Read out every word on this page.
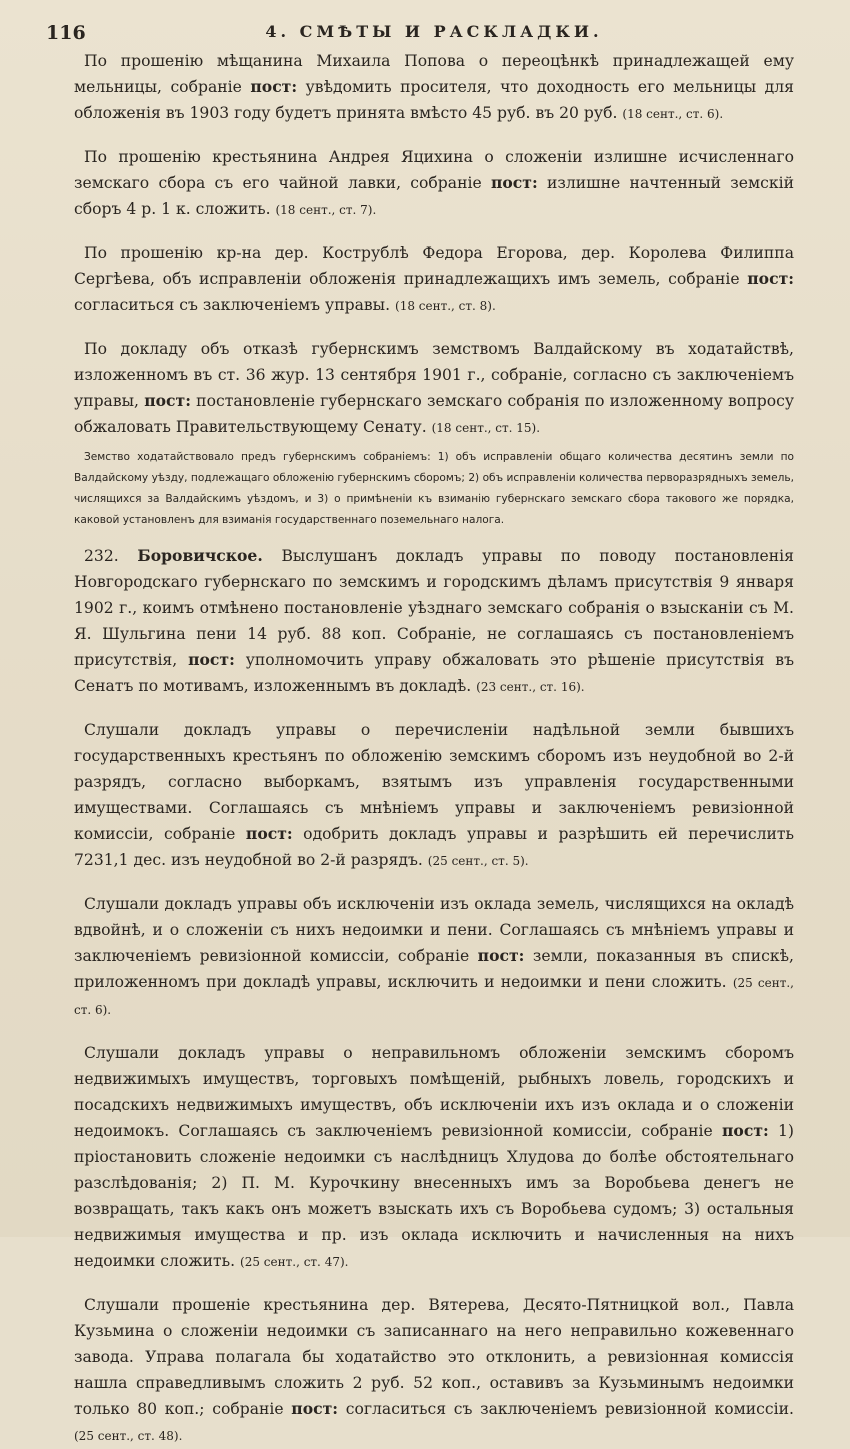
116	4. СМѢТЫ И РАСКЛАДКИ.

По прошенію мѣщанина Михаила Попова о переоцѣнкѣ принадлежащей ему мельницы, собраніе пост: увѣдомить просителя, что доходность его мельницы для обложенія въ 1903 году будетъ принята вмѣсто 45 руб. въ 20 руб. (18 сент., ст. 6).

По прошенію крестьянина Андрея Яцихина о сложеніи излишне исчисленнаго земскаго сбора съ его чайной лавки, собраніе пост: излишне начтенный земскій сборъ 4 р. 1 к. сложить. (18 сент., ст. 7).

По прошенію кр-на дер. Кострублѣ Федора Егорова, дер. Королева Филиппа Сергѣева, объ исправленіи обложенія принадлежащихъ имъ земель, собраніе пост: согласиться съ заключеніемъ управы. (18 сент., ст. 8).

По докладу объ отказѣ губернскимъ земствомъ Валдайскому въ ходатайствѣ, изложенномъ въ ст. 36 жур. 13 сентября 1901 г., собраніе, согласно съ заключеніемъ управы, пост: постановленіе губернскаго земскаго собранія по изложенному вопросу обжаловать Правительствующему Сенату. (18 сент., ст. 15).

Земство ходатайствовало предъ губернскимъ собраніемъ: 1) объ исправленіи общаго количества десятинъ земли по Валдайскому уѣзду, подлежащаго обложенію губернскимъ сборомъ; 2) объ исправленіи количества перворазрядныхъ земель, числящихся за Валдайскимъ уѣздомъ, и 3) о примѣненіи къ взиманію губернскаго земскаго сбора такового же порядка, каковой установленъ для взиманія государственнаго поземельнаго налога.

232. Боровичское. Выслушанъ докладъ управы по поводу постановленія Новгородскаго губернскаго по земскимъ и городскимъ дѣламъ присутствія 9 января 1902 г., коимъ отмѣнено постановленіе уѣзднаго земскаго собранія о взысканіи съ М. Я. Шульгина пени 14 руб. 88 коп. Собраніе, не соглашаясь съ постановленіемъ присутствія, пост: уполномочить управу обжаловать это рѣшеніе присутствія въ Сенатъ по мотивамъ, изложеннымъ въ докладѣ. (23 сент., ст. 16).

Слушали докладъ управы о перечисленіи надѣльной земли бывшихъ государственныхъ крестьянъ по обложенію земскимъ сборомъ изъ неудобной во 2-й разрядъ, согласно выборкамъ, взятымъ изъ управленія государственными имуществами. Соглашаясь съ мнѣніемъ управы и заключеніемъ ревизіонной комиссіи, собраніе пост: одобрить докладъ управы и разрѣшить ей перечислить 7231,1 дес. изъ неудобной во 2-й разрядъ. (25 сент., ст. 5).

Слушали докладъ управы объ исключеніи изъ оклада земель, числящихся на окладѣ вдвойнѣ, и о сложеніи съ нихъ недоимки и пени. Соглашаясь съ мнѣніемъ управы и заключеніемъ ревизіонной комиссіи, собраніе пост: земли, показанныя въ спискѣ, приложенномъ при докладѣ управы, исключить и недоимки и пени сложить. (25 сент., ст. 6).

Слушали докладъ управы о неправильномъ обложеніи земскимъ сборомъ недвижимыхъ имуществъ, торговыхъ помѣщеній, рыбныхъ ловель, городскихъ и посадскихъ недвижимыхъ имуществъ, объ исключеніи ихъ изъ оклада и о сложеніи недоимокъ. Соглашаясь съ заключеніемъ ревизіонной комиссіи, собраніе пост: 1) пріостановить сложеніе недоимки съ наслѣдницъ Хлудова до болѣе обстоятельнаго разслѣдованія; 2) П. М. Курочкину внесенныхъ имъ за Воробьева денегъ не возвращать, такъ какъ онъ можетъ взыскать ихъ съ Воробьева судомъ; 3) остальныя недвижимыя имущества и пр. изъ оклада исключить и начисленныя на нихъ недоимки сложить. (25 сент., ст. 47).

Слушали прошеніе крестьянина дер. Вятерева, Десято-Пятницкой вол., Павла Кузьмина о сложеніи недоимки съ записаннаго на него неправильно кожевеннаго завода. Управа полагала бы ходатайство это отклонить, а ревизіонная комиссія нашла справедливымъ сложить 2 руб. 52 коп., оставивъ за Кузьминымъ недоимки только 80 коп.; собраніе пост: согласиться съ заключеніемъ ревизіонной комиссіи. (25 сент., ст. 48).
